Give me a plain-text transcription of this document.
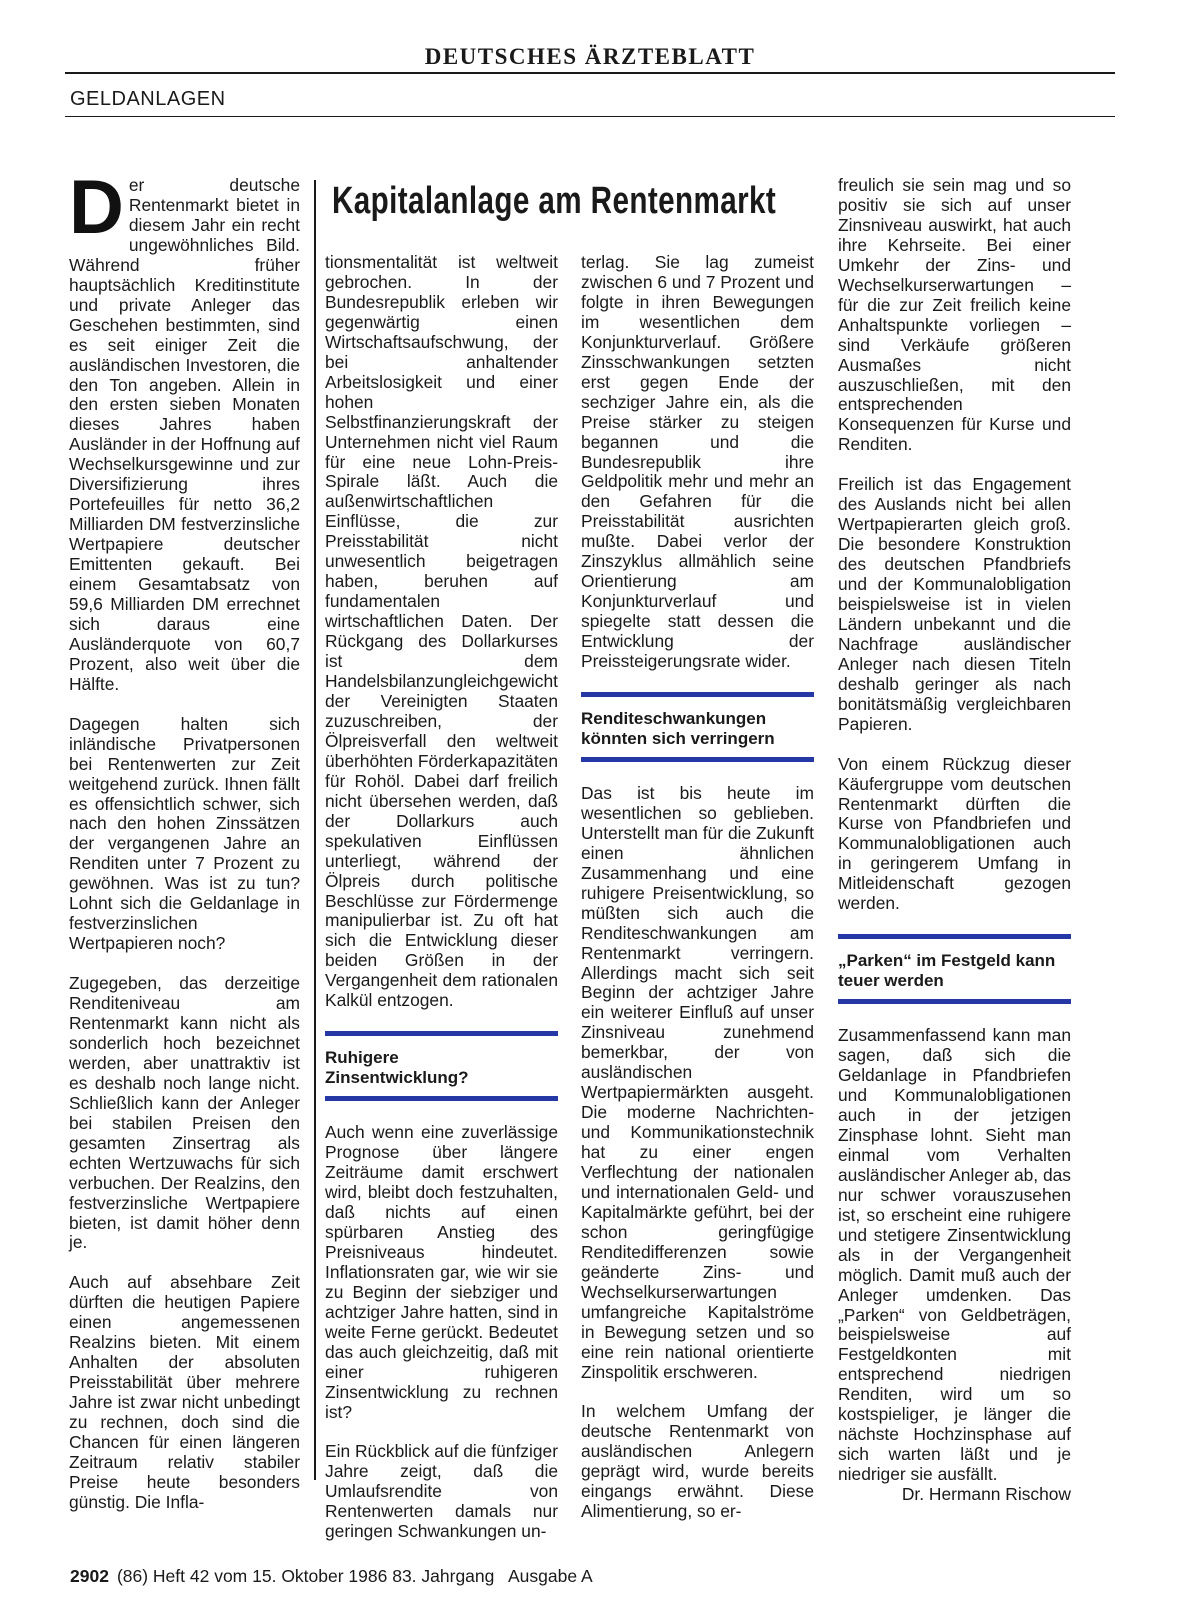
DEUTSCHES ÄRZTEBLATT
GELDANLAGEN

Der deutsche Rentenmarkt bietet in diesem Jahr ein recht ungewöhnliches Bild. Während früher hauptsächlich Kreditinstitute und private Anleger das Geschehen bestimmten, sind es seit einiger Zeit die ausländischen Investoren, die den Ton angeben. Allein in den ersten sieben Monaten dieses Jahres haben Ausländer in der Hoffnung auf Wechselkursgewinne und zur Diversifizierung ihres Portefeuilles für netto 36,2 Milliarden DM festverzinsliche Wertpapiere deutscher Emittenten gekauft. Bei einem Gesamtabsatz von 59,6 Milliarden DM errechnet sich daraus eine Ausländerquote von 60,7 Prozent, also weit über die Hälfte.

Dagegen halten sich inländische Privatpersonen bei Rentenwerten zur Zeit weitgehend zurück. Ihnen fällt es offensichtlich schwer, sich nach den hohen Zinssätzen der vergangenen Jahre an Renditen unter 7 Prozent zu gewöhnen. Was ist zu tun? Lohnt sich die Geldanlage in festverzinslichen Wertpapieren noch?

Zugegeben, das derzeitige Renditeniveau am Rentenmarkt kann nicht als sonderlich hoch bezeichnet werden, aber unattraktiv ist es deshalb noch lange nicht. Schließlich kann der Anleger bei stabilen Preisen den gesamten Zinsertrag als echten Wertzuwachs für sich verbuchen. Der Realzins, den festverzinsliche Wertpapiere bieten, ist damit höher denn je.

Auch auf absehbare Zeit dürften die heutigen Papiere einen angemessenen Realzins bieten. Mit einem Anhalten der absoluten Preisstabilität über mehrere Jahre ist zwar nicht unbedingt zu rechnen, doch sind die Chancen für einen längeren Zeitraum relativ stabiler Preise heute besonders günstig. Die Infla-

Kapitalanlage am Rentenmarkt

tionsmentalität ist weltweit gebrochen. In der Bundesrepublik erleben wir gegenwärtig einen Wirtschaftsaufschwung, der bei anhaltender Arbeitslosigkeit und einer hohen Selbstfinanzierungskraft der Unternehmen nicht viel Raum für eine neue Lohn-Preis-Spirale läßt. Auch die außenwirtschaftlichen Einflüsse, die zur Preisstabilität nicht unwesentlich beigetragen haben, beruhen auf fundamentalen wirtschaftlichen Daten. Der Rückgang des Dollarkurses ist dem Handelsbilanzungleichgewicht der Vereinigten Staaten zuzuschreiben, der Ölpreisverfall den weltweit überhöhten Förderkapazitäten für Rohöl. Dabei darf freilich nicht übersehen werden, daß der Dollarkurs auch spekulativen Einflüssen unterliegt, während der Ölpreis durch politische Beschlüsse zur Fördermenge manipulierbar ist. Zu oft hat sich die Entwicklung dieser beiden Größen in der Vergangenheit dem rationalen Kalkül entzogen.

Ruhigere Zinsentwicklung?

Auch wenn eine zuverlässige Prognose über längere Zeiträume damit erschwert wird, bleibt doch festzuhalten, daß nichts auf einen spürbaren Anstieg des Preisniveaus hindeutet. Inflationsraten gar, wie wir sie zu Beginn der siebziger und achtziger Jahre hatten, sind in weite Ferne gerückt. Bedeutet das auch gleichzeitig, daß mit einer ruhigeren Zinsentwicklung zu rechnen ist?

Ein Rückblick auf die fünfziger Jahre zeigt, daß die Umlaufsrendite von Rentenwerten damals nur geringen Schwankungen un-

terlag. Sie lag zumeist zwischen 6 und 7 Prozent und folgte in ihren Bewegungen im wesentlichen dem Konjunkturverlauf. Größere Zinsschwankungen setzten erst gegen Ende der sechziger Jahre ein, als die Preise stärker zu steigen begannen und die Bundesrepublik ihre Geldpolitik mehr und mehr an den Gefahren für die Preisstabilität ausrichten mußte. Dabei verlor der Zinszyklus allmählich seine Orientierung am Konjunkturverlauf und spiegelte statt dessen die Entwicklung der Preissteigerungsrate wider.

Renditeschwankungen könnten sich verringern

Das ist bis heute im wesentlichen so geblieben. Unterstellt man für die Zukunft einen ähnlichen Zusammenhang und eine ruhigere Preisentwicklung, so müßten sich auch die Renditeschwankungen am Rentenmarkt verringern. Allerdings macht sich seit Beginn der achtziger Jahre ein weiterer Einfluß auf unser Zinsniveau zunehmend bemerkbar, der von ausländischen Wertpapiermärkten ausgeht. Die moderne Nachrichten- und Kommunikationstechnik hat zu einer engen Verflechtung der nationalen und internationalen Geld- und Kapitalmärkte geführt, bei der schon geringfügige Renditedifferenzen sowie geänderte Zins- und Wechselkurserwartungen umfangreiche Kapitalströme in Bewegung setzen und so eine rein national orientierte Zinspolitik erschweren.

In welchem Umfang der deutsche Rentenmarkt von ausländischen Anlegern geprägt wird, wurde bereits eingangs erwähnt. Diese Alimentierung, so er-

freulich sie sein mag und so positiv sie sich auf unser Zinsniveau auswirkt, hat auch ihre Kehrseite. Bei einer Umkehr der Zins- und Wechselkurserwartungen – für die zur Zeit freilich keine Anhaltspunkte vorliegen – sind Verkäufe größeren Ausmaßes nicht auszuschließen, mit den entsprechenden Konsequenzen für Kurse und Renditen.

Freilich ist das Engagement des Auslands nicht bei allen Wertpapierarten gleich groß. Die besondere Konstruktion des deutschen Pfandbriefs und der Kommunalobligation beispielsweise ist in vielen Ländern unbekannt und die Nachfrage ausländischer Anleger nach diesen Titeln deshalb geringer als nach bonitätsmäßig vergleichbaren Papieren.

Von einem Rückzug dieser Käufergruppe vom deutschen Rentenmarkt dürften die Kurse von Pfandbriefen und Kommunalobligationen auch in geringerem Umfang in Mitleidenschaft gezogen werden.

„Parken“ im Festgeld kann teuer werden

Zusammenfassend kann man sagen, daß sich die Geldanlage in Pfandbriefen und Kommunalobligationen auch in der jetzigen Zinsphase lohnt. Sieht man einmal vom Verhalten ausländischer Anleger ab, das nur schwer vorauszusehen ist, so erscheint eine ruhigere und stetigere Zinsentwicklung als in der Vergangenheit möglich. Damit muß auch der Anleger umdenken. Das „Parken“ von Geldbeträgen, beispielsweise auf Festgeldkonten mit entsprechend niedrigen Renditen, wird um so kostspieliger, je länger die nächste Hochzinsphase auf sich warten läßt und je niedriger sie ausfällt.

Dr. Hermann Rischow
2902 (86) Heft 42 vom 15. Oktober 1986 83. Jahrgang   Ausgabe A
